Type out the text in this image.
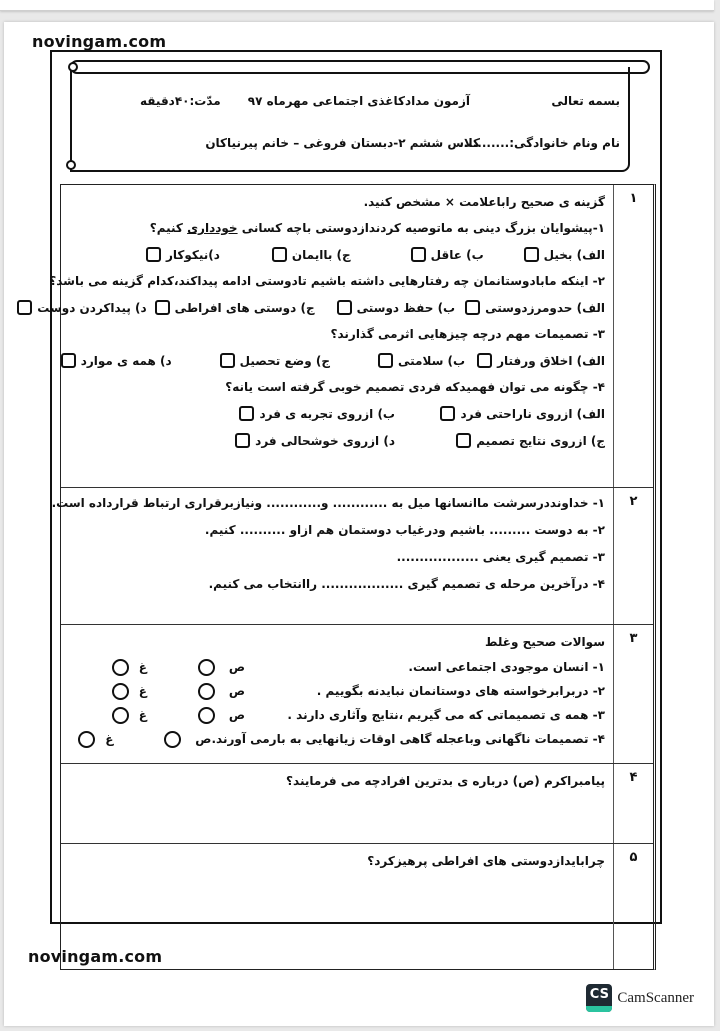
novingam.com
بسمه تعالی
آزمون مدادکاغذی اجتماعی مهرماه ۹۷
مدّت:۴۰دقیقه
نام ونام خانوادگی:...........
کلاس ششم ۲-دبستان فروغی – خانم پیرنیاکان
۱
گزینه ی صحیح راباعلامت × مشخص کنید.
۱-پیشوایان بزرگ دینی به ماتوصیه کردندازدوستی باچه کسانی خودداری کنیم؟
الف) بخیل
ب) عاقل
ج) باایمان
د)نیکوکار
۲- اینکه مابادوستانمان چه رفتارهایی داشته باشیم تادوستی ادامه پیداکند،کدام گزینه می باشد؟
الف) حدومرزدوستی
ب) حفظ دوستی
ج) دوستی های افراطی
د) پیداکردن دوست
۳- تصمیمات مهم درچه چیزهایی اثرمی گذارند؟
الف) اخلاق ورفتار
ب) سلامتی
ج) وضع تحصیل
د) همه ی موارد
۴- چگونه می توان فهمیدکه فردی تصمیم خوبی گرفته است یانه؟
الف) ازروی ناراحتی فرد
ب) ازروی تجربه ی فرد
ج) ازروی نتایج تصمیم
د) ازروی خوشحالی فرد
۲
۱- خداونددرسرشت ماانسانها میل به ............ و............ ونیازبرقراری ارتباط قرارداده است.
۲- به دوست ......... باشیم ودرغیاب دوستمان هم ازاو .......... کنیم.
۳- تصمیم گیری یعنی ..................
۴- درآخرین مرحله ی تصمیم گیری .................. راانتخاب می کنیم.
۳
سوالات صحیح وغلط
۱- انسان موجودی اجتماعی است.
ص
غ
۲- دربرابرخواسته های دوستانمان نبایدنه بگوییم .
ص
غ
۳- همه ی تصمیماتی که می گیریم ،نتایج وآثاری دارند .
ص
غ
۴- تصمیمات ناگهانی وباعجله گاهی اوقات زیانهایی به بارمی آورند.
ص
غ
۴
پیامبراکرم (ص) درباره ی بدترین افرادچه می فرمایند؟
۵
چرابایدازدوستی های افراطی پرهیزکرد؟
novingam.com
CS CamScanner
